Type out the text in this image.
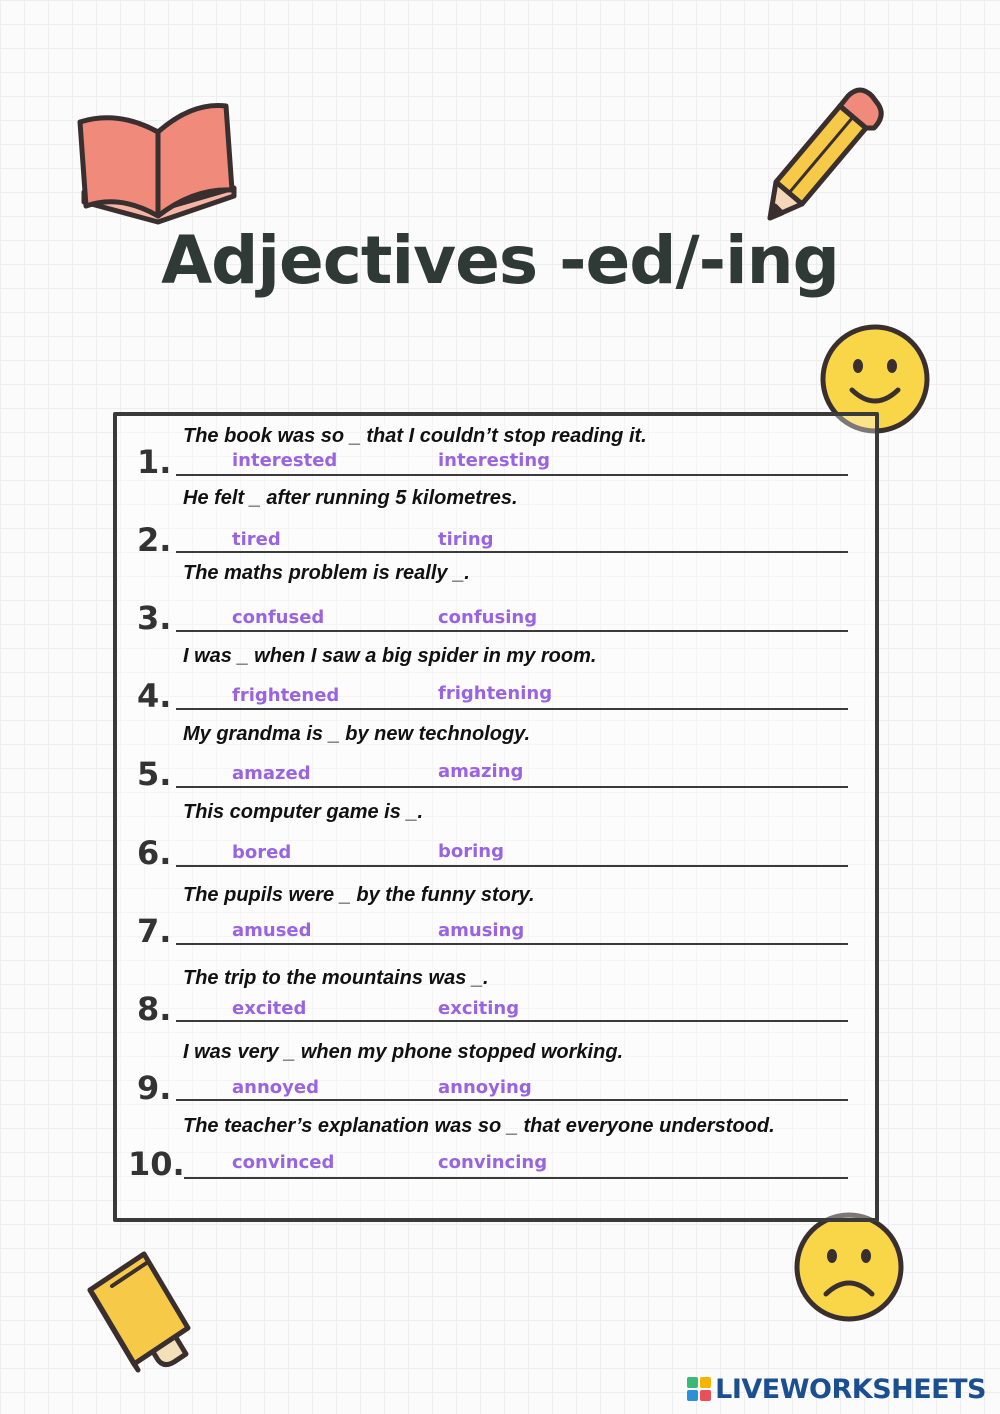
Adjectives -ed/-ing
The book was so _ that I couldn’t stop reading it.
1.	interested	interesting
He felt _ after running 5 kilometres.
2.	tired	tiring
The maths problem is really _.
3.	confused	confusing
I was _ when I saw a big spider in my room.
4.	frightened	frightening
My grandma is _ by new technology.
5.	amazed	amazing
This computer game is _.
6.	bored	boring
The pupils were _ by the funny story.
7.	amused	amusing
The trip to the mountains was _.
8.	excited	exciting
I was very _ when my phone stopped working.
9.	annoyed	annoying
The teacher’s explanation was so _ that everyone understood.
10.	convinced	convincing
LIVEWORKSHEETS
